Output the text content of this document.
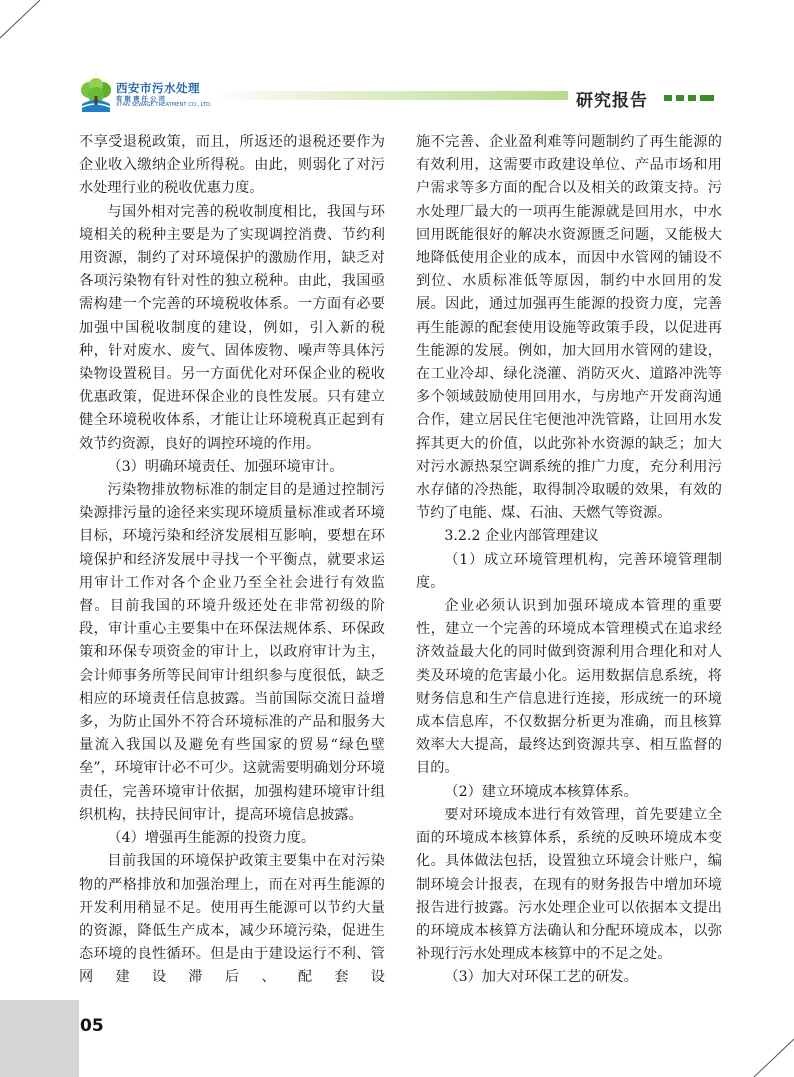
西安市污水处理
有限责任公司
XI'AN SEWAGE TREATMENT CO., LTD.	研究报告

不享受退税政策，而且，所返还的退税还要作为企业收入缴纳企业所得税。由此，则弱化了对污水处理行业的税收优惠力度。

与国外相对完善的税收制度相比，我国与环境相关的税种主要是为了实现调控消费、节约利用资源，制约了对环境保护的激励作用，缺乏对各项污染物有针对性的独立税种。由此，我国亟需构建一个完善的环境税收体系。一方面有必要加强中国税收制度的建设，例如，引入新的税种，针对废水、废气、固体废物、噪声等具体污染物设置税目。另一方面优化对环保企业的税收优惠政策，促进环保企业的良性发展。只有建立健全环境税收体系，才能让让环境税真正起到有效节约资源，良好的调控环境的作用。

（3）明确环境责任、加强环境审计。

污染物排放物标准的制定目的是通过控制污染源排污量的途径来实现环境质量标准或者环境目标，环境污染和经济发展相互影响，要想在环境保护和经济发展中寻找一个平衡点，就要求运用审计工作对各个企业乃至全社会进行有效监督。目前我国的环境升级还处在非常初级的阶段，审计重心主要集中在环保法规体系、环保政策和环保专项资金的审计上，以政府审计为主，会计师事务所等民间审计组织参与度很低，缺乏相应的环境责任信息披露。当前国际交流日益增多，为防止国外不符合环境标准的产品和服务大量流入我国以及避免有些国家的贸易“绿色壁垒”，环境审计必不可少。这就需要明确划分环境责任，完善环境审计依据，加强构建环境审计组织机构，扶持民间审计，提高环境信息披露。

（4）增强再生能源的投资力度。

目前我国的环境保护政策主要集中在对污染物的严格排放和加强治理上，而在对再生能源的开发利用稍显不足。使用再生能源可以节约大量的资源，降低生产成本，减少环境污染，促进生态环境的良性循环。但是由于建设运行不利、管网建设滞后、配套设

施不完善、企业盈利难等问题制约了再生能源的有效利用，这需要市政建设单位、产品市场和用户需求等多方面的配合以及相关的政策支持。污水处理厂最大的一项再生能源就是回用水，中水回用既能很好的解决水资源匮乏问题，又能极大地降低使用企业的成本，而因中水管网的铺设不到位、水质标准低等原因，制约中水回用的发展。因此，通过加强再生能源的投资力度，完善再生能源的配套使用设施等政策手段，以促进再生能源的发展。例如，加大回用水管网的建设，在工业冷却、绿化浇灌、消防灭火、道路冲洗等多个领域鼓励使用回用水，与房地产开发商沟通合作，建立居民住宅便池冲洗管路，让回用水发挥其更大的价值，以此弥补水资源的缺乏；加大对污水源热泵空调系统的推广力度，充分利用污水存储的冷热能，取得制冷取暖的效果，有效的节约了电能、煤、石油、天燃气等资源。

3.2.2 企业内部管理建议

（1）成立环境管理机构，完善环境管理制度。

企业必须认识到加强环境成本管理的重要性，建立一个完善的环境成本管理模式在追求经济效益最大化的同时做到资源利用合理化和对人类及环境的危害最小化。运用数据信息系统，将财务信息和生产信息进行连接，形成统一的环境成本信息库，不仅数据分析更为准确，而且核算效率大大提高，最终达到资源共享、相互监督的目的。

（2）建立环境成本核算体系。

要对环境成本进行有效管理，首先要建立全面的环境成本核算体系，系统的反映环境成本变化。具体做法包括，设置独立环境会计账户，编制环境会计报表，在现有的财务报告中增加环境报告进行披露。污水处理企业可以依据本文提出的环境成本核算方法确认和分配环境成本，以弥补现行污水处理成本核算中的不足之处。

（3）加大对环保工艺的研发。

05
